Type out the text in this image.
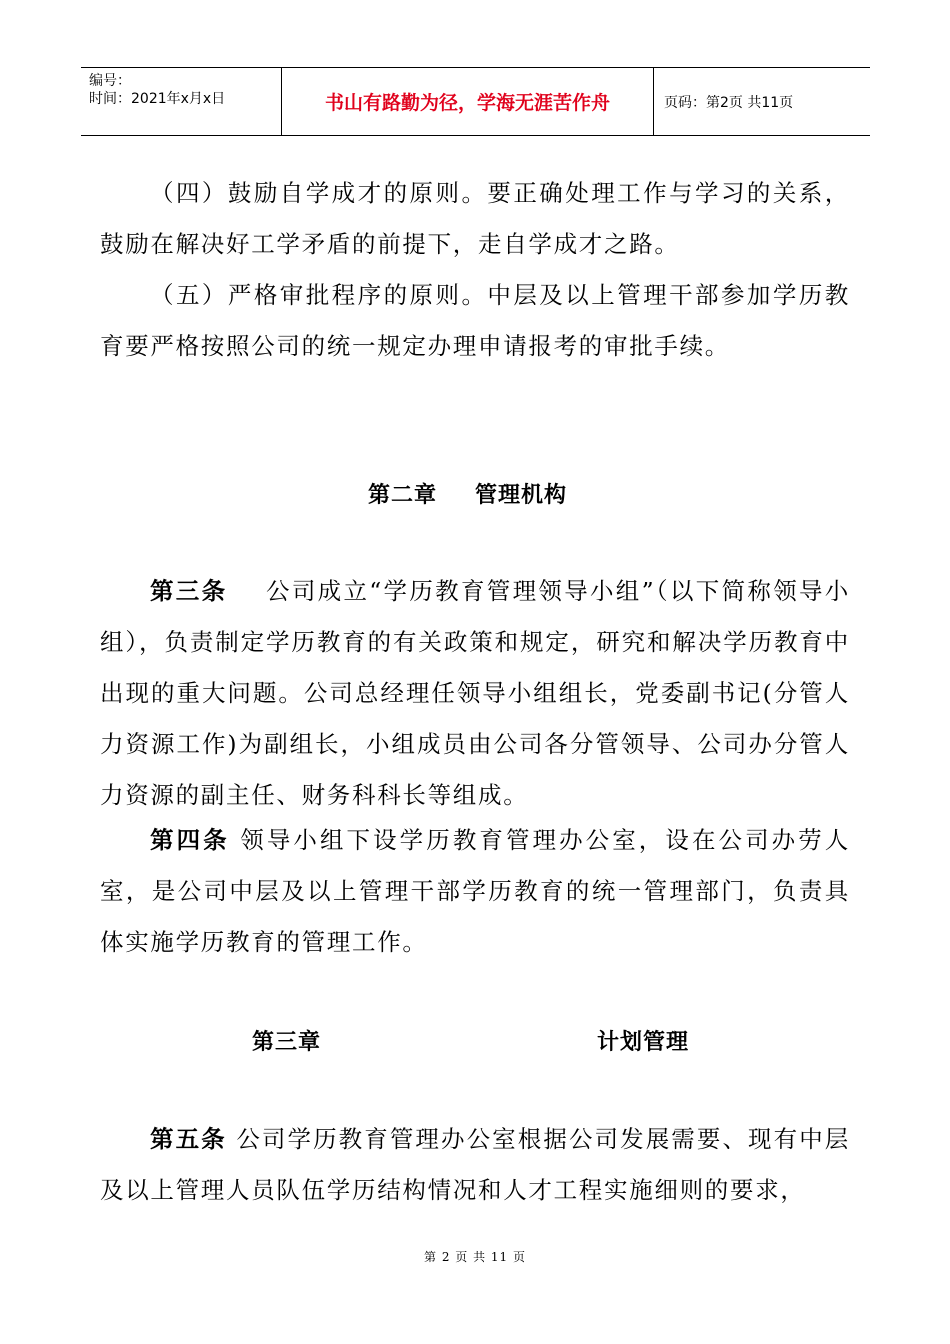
编号：
时间：2021年x月x日	书山有路勤为径，学海无涯苦作舟	页码：第2页 共11页
（四）鼓励自学成才的原则。要正确处理工作与学习的关系，鼓励在解决好工学矛盾的前提下，走自学成才之路。
（五）严格审批程序的原则。中层及以上管理干部参加学历教育要严格按照公司的统一规定办理申请报考的审批手续。
第二章 管理机构
第三条 公司成立“学历教育管理领导小组”（以下简称领导小组），负责制定学历教育的有关政策和规定，研究和解决学历教育中出现的重大问题。公司总经理任领导小组组长，党委副书记(分管人力资源工作)为副组长，小组成员由公司各分管领导、公司办分管人力资源的副主任、财务科科长等组成。
第四条 领导小组下设学历教育管理办公室，设在公司办劳人室，是公司中层及以上管理干部学历教育的统一管理部门，负责具体实施学历教育的管理工作。
第三章	计划管理
第五条 公司学历教育管理办公室根据公司发展需要、现有中层及以上管理人员队伍学历结构情况和人才工程实施细则的要求，
第 2 页 共 11 页
